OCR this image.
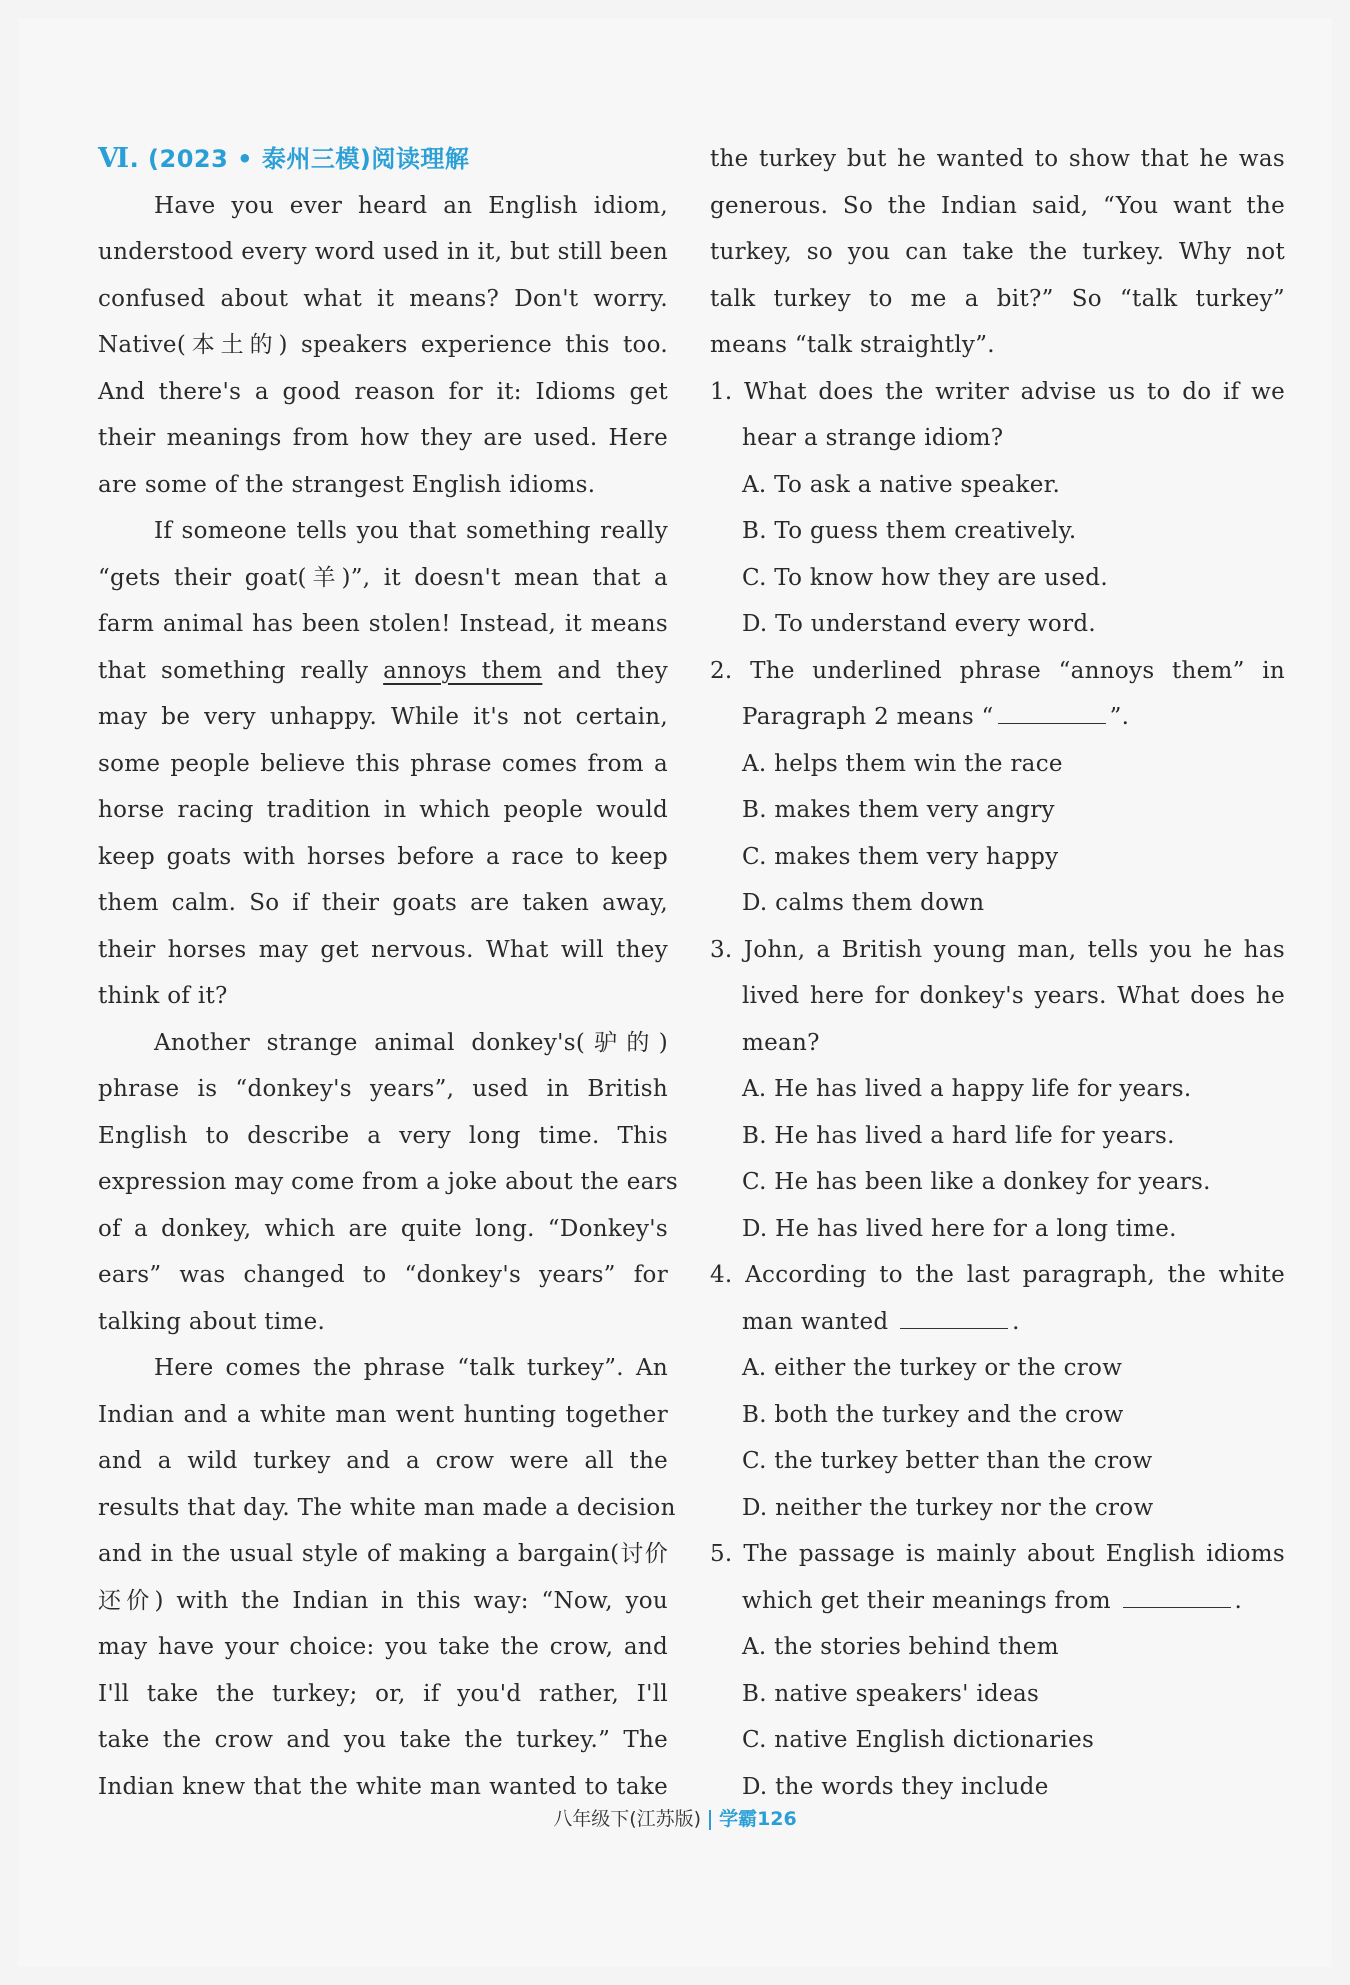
Ⅵ. (2023 • 泰州三模)阅读理解
Have you ever heard an English idiom,
understood every word used in it, but still been
confused about what it means? Don't worry.
Native(本土的) speakers experience this too.
And there's a good reason for it: Idioms get
their meanings from how they are used. Here
are some of the strangest English idioms.
If someone tells you that something really
“gets their goat(羊)”, it doesn't mean that a
farm animal has been stolen! Instead, it means
that something really annoys them and they
may be very unhappy. While it's not certain,
some people believe this phrase comes from a
horse racing tradition in which people would
keep goats with horses before a race to keep
them calm. So if their goats are taken away,
their horses may get nervous. What will they
think of it?
Another strange animal donkey's(驴的)
phrase is “donkey's years”, used in British
English to describe a very long time. This
expression may come from a joke about the ears
of a donkey, which are quite long. “Donkey's
ears” was changed to “donkey's years” for
talking about time.
Here comes the phrase “talk turkey”. An
Indian and a white man went hunting together
and a wild turkey and a crow were all the
results that day. The white man made a decision
and in the usual style of making a bargain(讨价
还价) with the Indian in this way: “Now, you
may have your choice: you take the crow, and
I'll take the turkey; or, if you'd rather, I'll
take the crow and you take the turkey.” The
Indian knew that the white man wanted to take
the turkey but he wanted to show that he was
generous. So the Indian said, “You want the
turkey, so you can take the turkey. Why not
talk turkey to me a bit?” So “talk turkey”
means “talk straightly”.
1. What does the writer advise us to do if we
hear a strange idiom?
A. To ask a native speaker.
B. To guess them creatively.
C. To know how they are used.
D. To understand every word.
2. The underlined phrase “annoys them” in
Paragraph 2 means “	”.
A. helps them win the race
B. makes them very angry
C. makes them very happy
D. calms them down
3. John, a British young man, tells you he has
lived here for donkey's years. What does he
mean?
A. He has lived a happy life for years.
B. He has lived a hard life for years.
C. He has been like a donkey for years.
D. He has lived here for a long time.
4. According to the last paragraph, the white
man wanted	.
A. either the turkey or the crow
B. both the turkey and the crow
C. the turkey better than the crow
D. neither the turkey nor the crow
5. The passage is mainly about English idioms
which get their meanings from	.
A. the stories behind them
B. native speakers' ideas
C. native English dictionaries
D. the words they include
八年级下(江苏版) 学霸126
